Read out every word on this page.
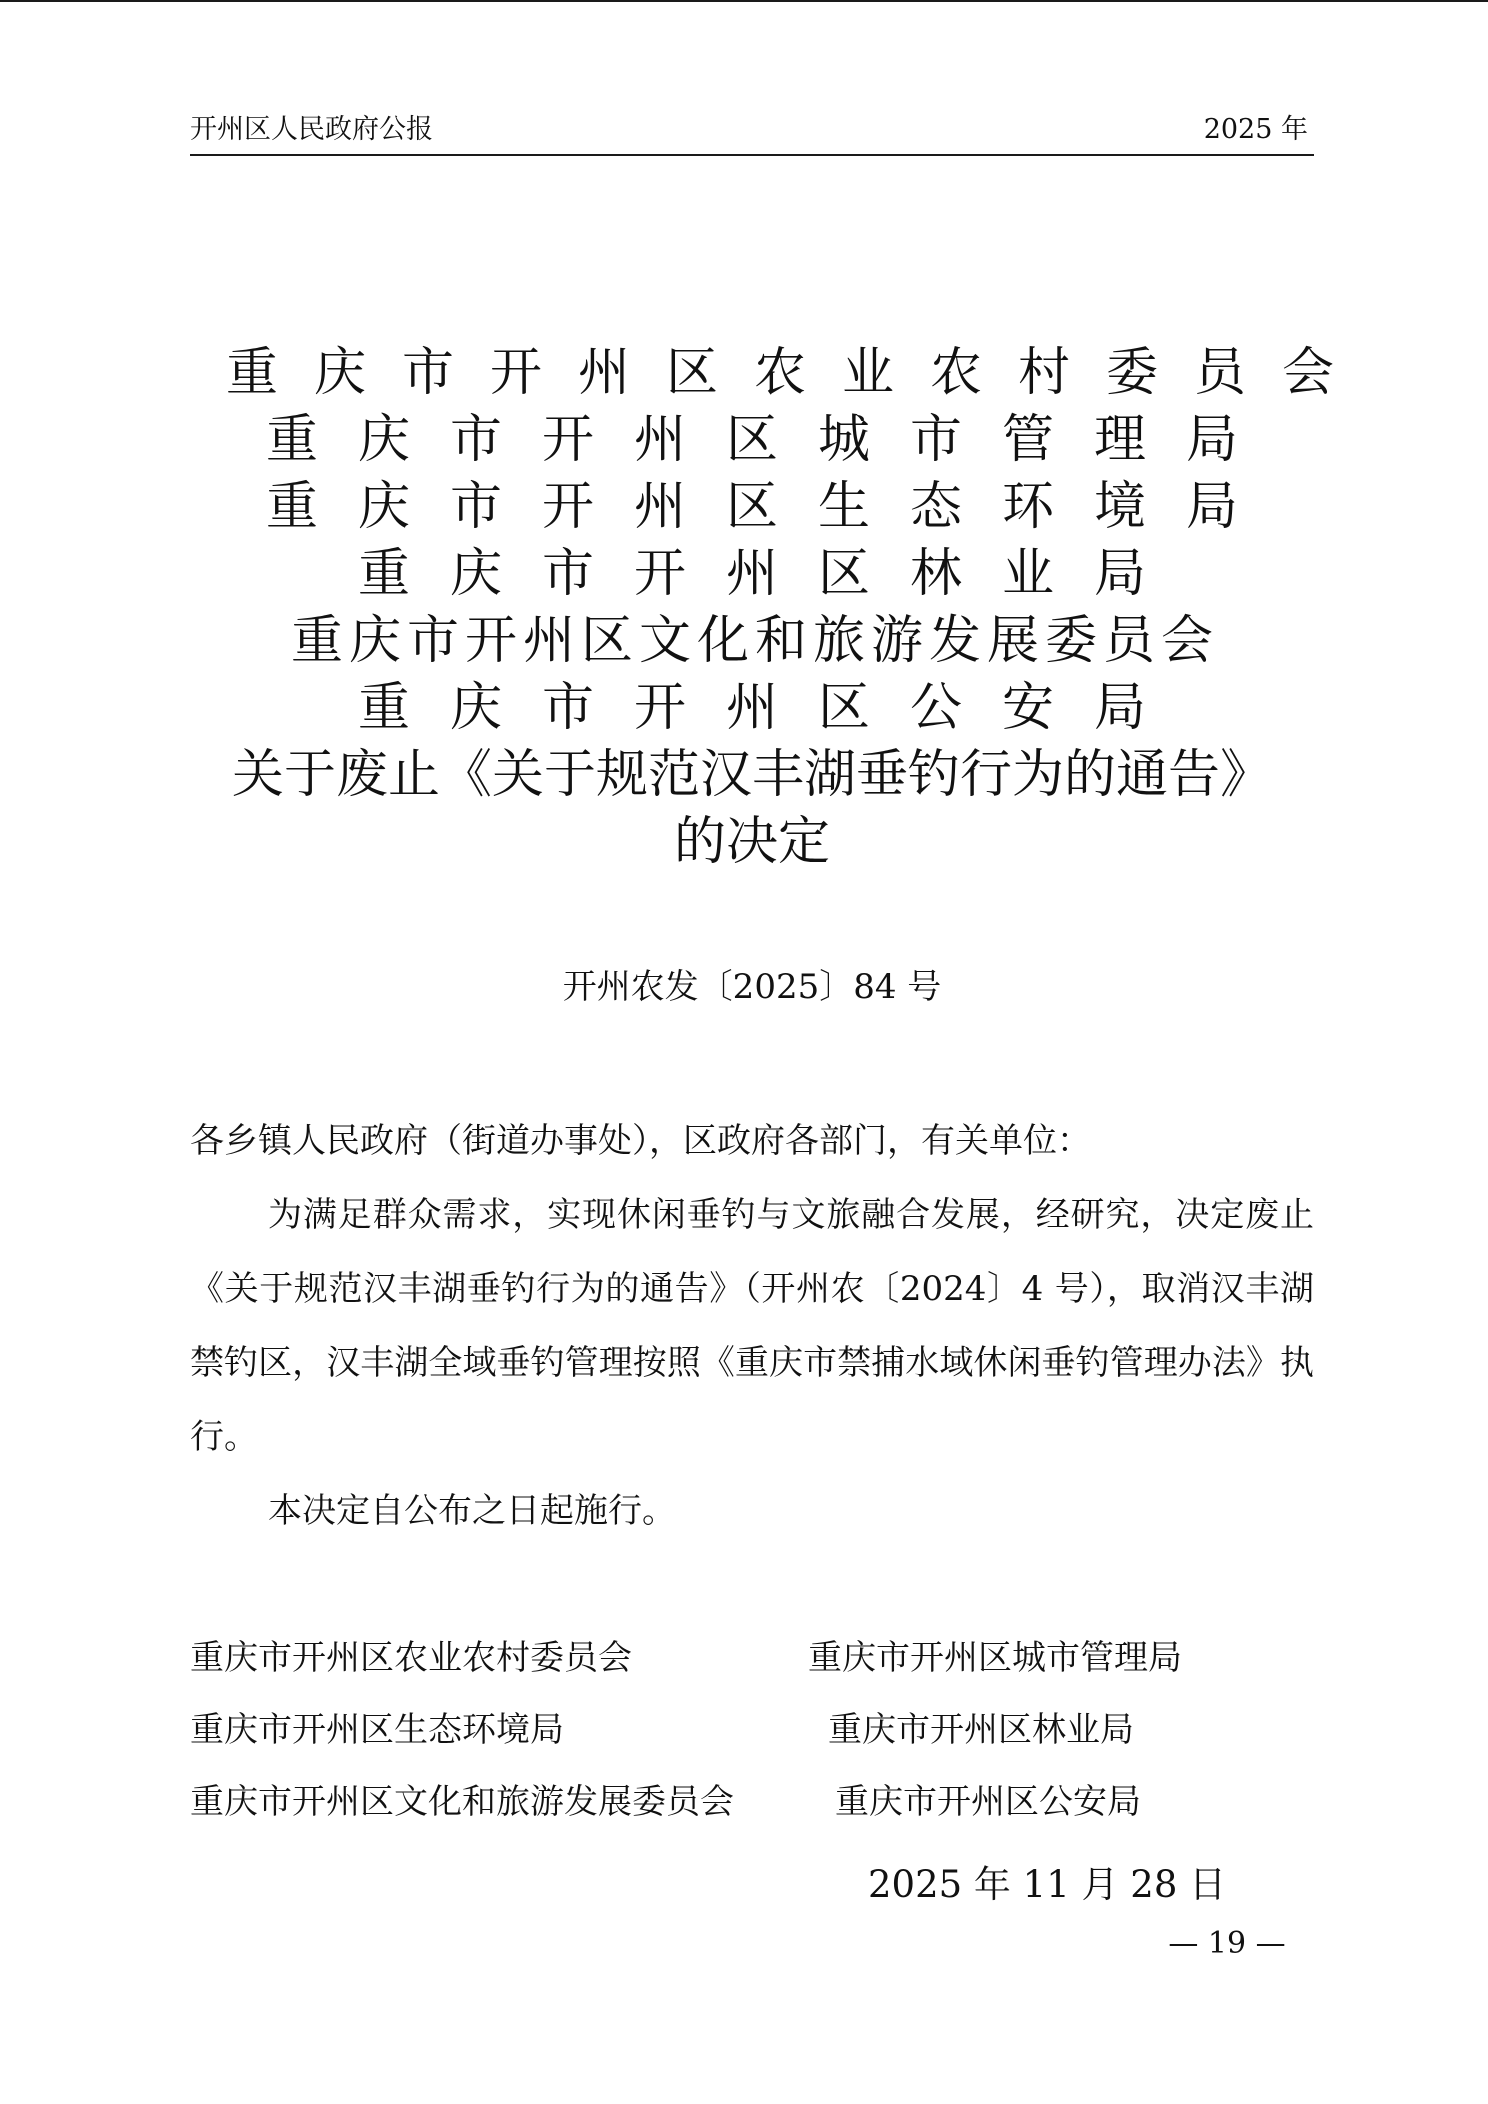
开州区人民政府公报	2025 年
重庆市开州区农业农村委员会
重庆市开州区城市管理局
重庆市开州区生态环境局
重庆市开州区林业局
重庆市开州区文化和旅游发展委员会
重庆市开州区公安局
关于废止《关于规范汉丰湖垂钓行为的通告》
的决定
开州农发〔2025〕84 号

各乡镇人民政府（街道办事处），区政府各部门，有关单位：

为满足群众需求，实现休闲垂钓与文旅融合发展，经研究，决定废止《关于规范汉丰湖垂钓行为的通告》（开州农〔2024〕4 号），取消汉丰湖禁钓区，汉丰湖全域垂钓管理按照《重庆市禁捕水域休闲垂钓管理办法》执行。

本决定自公布之日起施行。

重庆市开州区农业农村委员会	重庆市开州区城市管理局
重庆市开州区生态环境局	重庆市开州区林业局
重庆市开州区文化和旅游发展委员会	重庆市开州区公安局
2025 年 11 月 28 日
— 19 —
